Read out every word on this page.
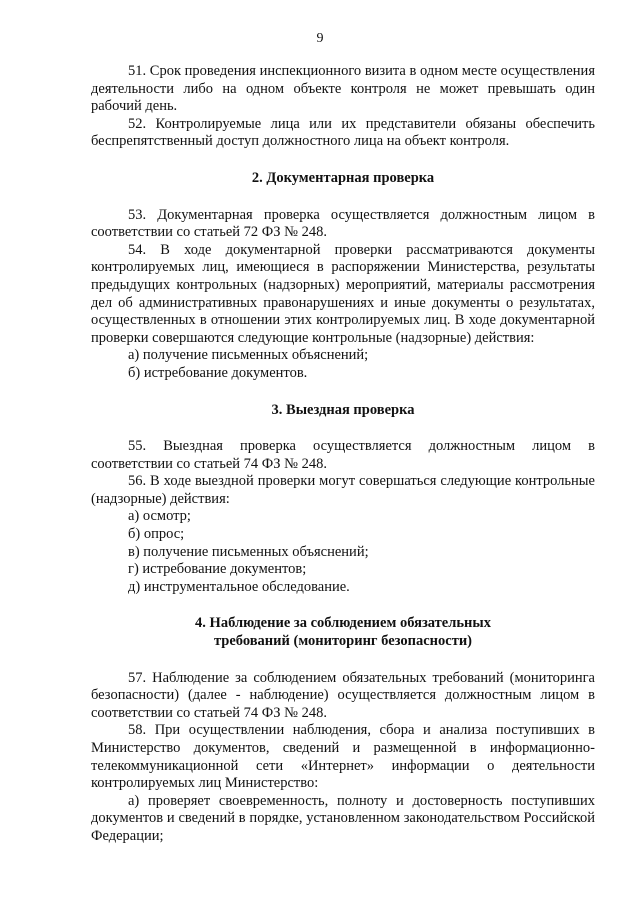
9

51. Срок проведения инспекционного визита в одном месте осуществления деятельности либо на одном объекте контроля не может превышать один рабочий день.

52. Контролируемые лица или их представители обязаны обеспечить беспрепятственный доступ должностного лица на объект контроля.

2. Документарная проверка

53. Документарная проверка осуществляется должностным лицом в соответствии со статьей 72 ФЗ № 248.

54. В ходе документарной проверки рассматриваются документы контролируемых лиц, имеющиеся в распоряжении Министерства, результаты предыдущих контрольных (надзорных) мероприятий, материалы рассмотрения дел об административных правонарушениях и иные документы о результатах, осуществленных в отношении этих контролируемых лиц. В ходе документарной проверки совершаются следующие контрольные (надзорные) действия:

а) получение письменных объяснений;

б) истребование документов.

3. Выездная проверка

55. Выездная проверка осуществляется должностным лицом в соответствии со статьей 74 ФЗ № 248.

56. В ходе выездной проверки могут совершаться следующие контрольные (надзорные) действия:

а) осмотр;

б) опрос;

в) получение письменных объяснений;

г) истребование документов;

д) инструментальное обследование.

4. Наблюдение за соблюдением обязательных
требований (мониторинг безопасности)

57. Наблюдение за соблюдением обязательных требований (мониторинга безопасности) (далее - наблюдение) осуществляется должностным лицом в соответствии со статьей 74 ФЗ № 248.

58. При осуществлении наблюдения, сбора и анализа поступивших в Министерство документов, сведений и размещенной в информационно-телекоммуникационной сети «Интернет» информации о деятельности контролируемых лиц Министерство:

а) проверяет своевременность, полноту и достоверность поступивших документов и сведений в порядке, установленном законодательством Российской Федерации;
